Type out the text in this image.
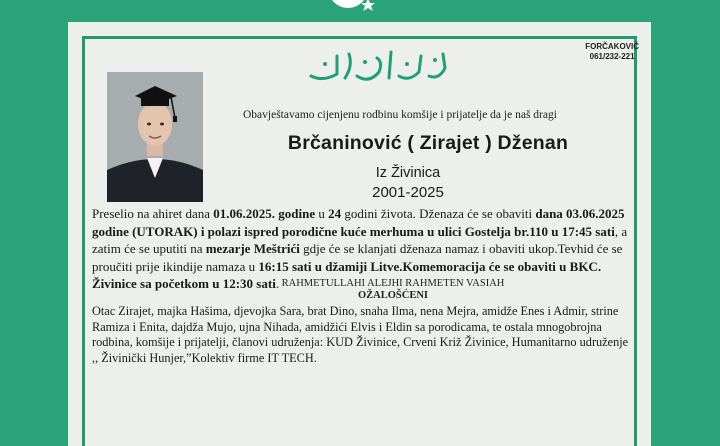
FORČAKOVIĆ
061/232-221
Obavještavamo cijenjenu rodbinu komšije i prijatelje da je naš dragi
Brčaninović ( Zirajet ) Dženan
Iz Živinica
2001-2025
Preselio na ahiret dana 01.06.2025. godine u 24 godini života. Dženaza će se obaviti dana 03.06.2025 godine (UTORAK) i polazi ispred porodične kuće merhuma u ulici Gostelja br.110 u 17:45 sati, a zatim će se uputiti na mezarje Meštrići gdje će se klanjati dženaza namaz i obaviti ukop.Tevhid će se proučiti prije ikindije namaza u 16:15 sati u džamiji Litve.Komemoracija će se obaviti u BKC. Živinice sa početkom u 12:30 sati. RAHMETULLAHI ALEJHI RAHMETEN VASIAH
OŽALOŠĆENI
Otac Zirajet, majka Hašima, djevojka Sara, brat Dino, snaha Ilma, nena Mejra, amidže Enes i Admir, strine Ramiza i Enita, dajdža Mujo, ujna Nihada, amidžići Elvis i Eldin sa porodicama, te ostala mnogobrojna rodbina, komšije i prijatelji, članovi udruženja: KUD Živinice, Crveni Križ Živinice, Humanitarno udruženje ,, Živinički Hunjer,”Kolektiv firme IT TECH.
